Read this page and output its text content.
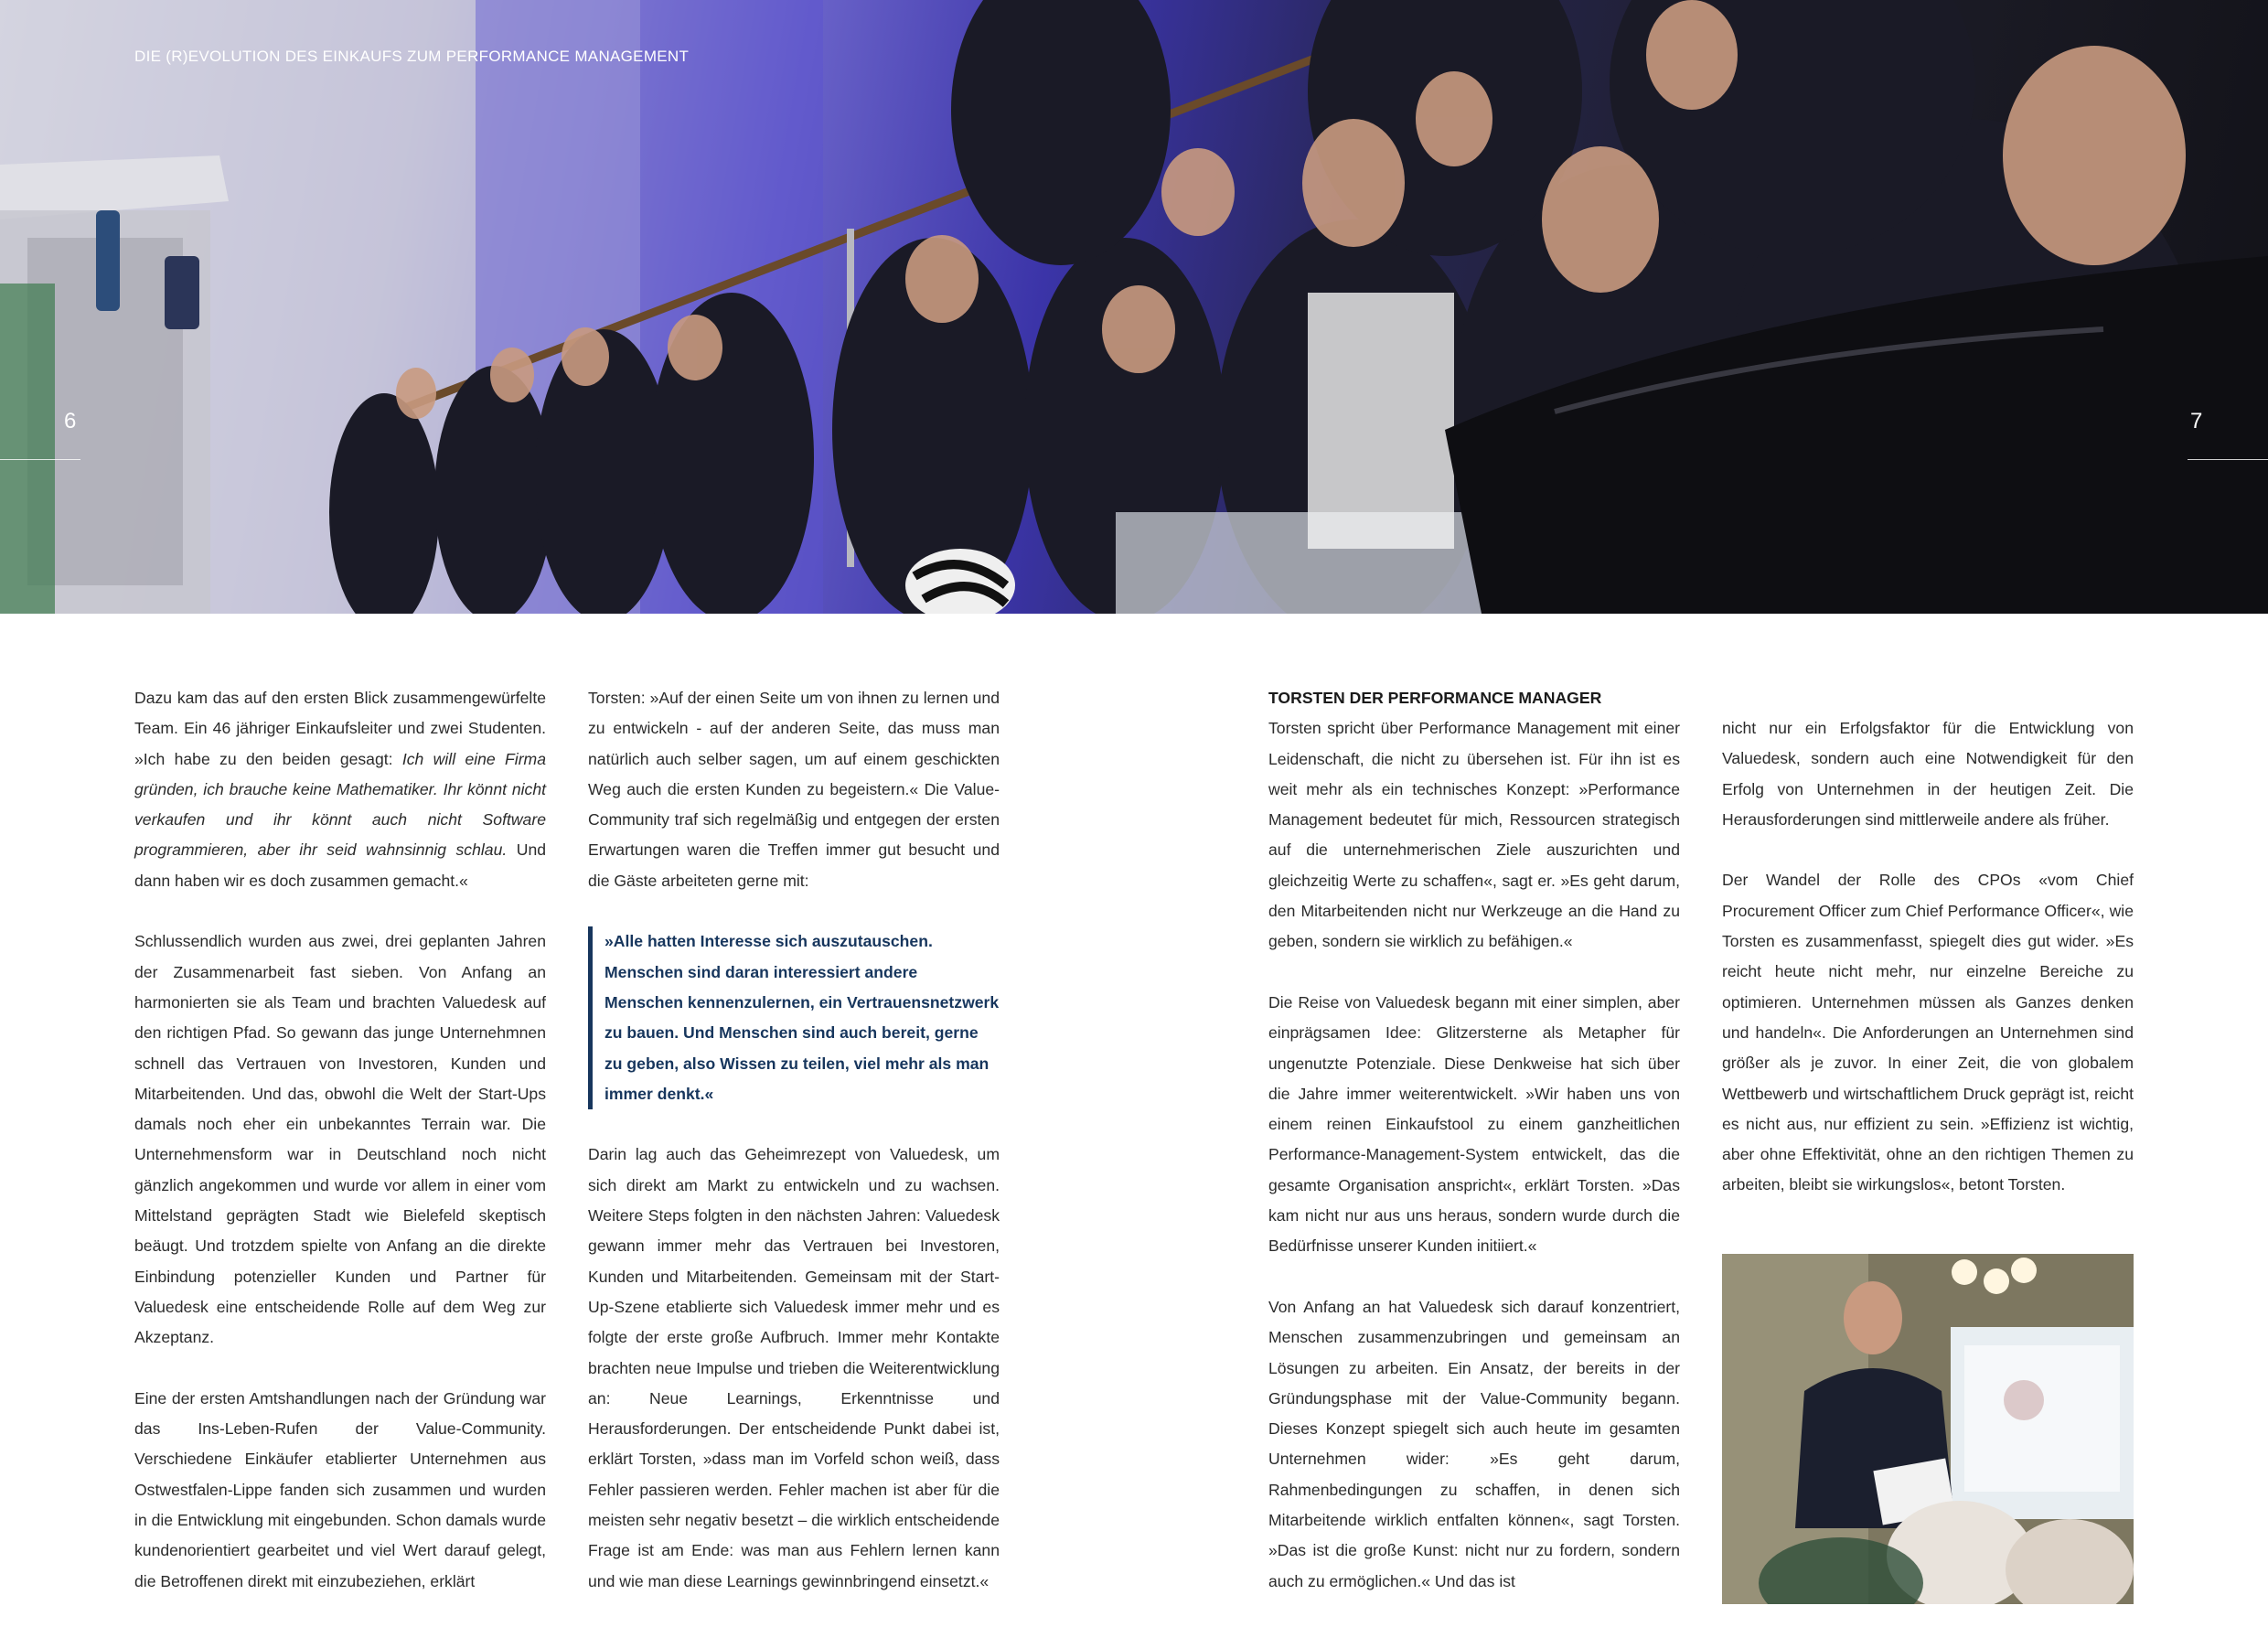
DIE (R)EVOLUTION DES EINKAUFS ZUM PERFORMANCE MANAGEMENT
6	7

Dazu kam das auf den ersten Blick zusammengewürfelte Team. Ein 46 jähriger Einkaufsleiter und zwei Studenten. »Ich habe zu den beiden gesagt: Ich will eine Firma gründen, ich brauche keine Mathematiker. Ihr könnt nicht verkaufen und ihr könnt auch nicht Software programmieren, aber ihr seid wahnsinnig schlau. Und dann haben wir es doch zusammen gemacht.«

Schlussendlich wurden aus zwei, drei geplanten Jahren der Zusammenarbeit fast sieben. Von Anfang an harmonierten sie als Team und brachten Valuedesk auf den richtigen Pfad. So gewann das junge Unternehmnen schnell das Vertrauen von Investoren, Kunden und Mitarbeitenden. Und das, obwohl die Welt der Start-Ups damals noch eher ein unbekanntes Terrain war. Die Unternehmensform war in Deutschland noch nicht gänzlich angekommen und wurde vor allem in einer vom Mittelstand geprägten Stadt wie Bielefeld skeptisch beäugt. Und trotzdem spielte von Anfang an die direkte Einbindung potenzieller Kunden und Partner für Valuedesk eine entscheidende Rolle auf dem Weg zur Akzeptanz.

Eine der ersten Amtshandlungen nach der Gründung war das Ins-Leben-Rufen der Value-Community. Verschiedene Einkäufer etablierter Unternehmen aus Ostwestfalen-Lippe fanden sich zusammen und wurden in die Entwicklung mit eingebunden. Schon damals wurde kundenorientiert gearbeitet und viel Wert darauf gelegt, die Betroffenen direkt mit einzubeziehen, erklärt

Torsten: »Auf der einen Seite um von ihnen zu lernen und zu entwickeln - auf der anderen Seite, das muss man natürlich auch selber sagen, um auf einem geschickten Weg auch die ersten Kunden zu begeistern.« Die Value-Community traf sich regelmäßig und entgegen der ersten Erwartungen waren die Treffen immer gut besucht und die Gäste arbeiteten gerne mit:

»Alle hatten Interesse sich auszutauschen. Menschen sind daran interessiert andere Menschen kennenzulernen, ein Vertrauensnetzwerk zu bauen. Und Menschen sind auch bereit, gerne zu geben, also Wissen zu teilen, viel mehr als man immer denkt.«

Darin lag auch das Geheimrezept von Valuedesk, um sich direkt am Markt zu entwickeln und zu wachsen. Weitere Steps folgten in den nächsten Jahren: Valuedesk gewann immer mehr das Vertrauen bei Investoren, Kunden und Mitarbeitenden. Gemeinsam mit der Start-Up-Szene etablierte sich Valuedesk immer mehr und es folgte der erste große Aufbruch. Immer mehr Kontakte brachten neue Impulse und trieben die Weiterentwicklung an: Neue Learnings, Erkenntnisse und Herausforderungen. Der entscheidende Punkt dabei ist, erklärt Torsten, »dass man im Vorfeld schon weiß, dass Fehler passieren werden. Fehler machen ist aber für die meisten sehr negativ besetzt – die wirklich entscheidende Frage ist am Ende: was man aus Fehlern lernen kann und wie man diese Learnings gewinnbringend einsetzt.«

TORSTEN DER PERFORMANCE MANAGER

Torsten spricht über Performance Management mit einer Leidenschaft, die nicht zu übersehen ist. Für ihn ist es weit mehr als ein technisches Konzept: »Performance Management bedeutet für mich, Ressourcen strategisch auf die unternehmerischen Ziele auszurichten und gleichzeitig Werte zu schaffen«, sagt er. »Es geht darum, den Mitarbeitenden nicht nur Werkzeuge an die Hand zu geben, sondern sie wirklich zu befähigen.«

Die Reise von Valuedesk begann mit einer simplen, aber einprägsamen Idee: Glitzersterne als Metapher für ungenutzte Potenziale. Diese Denkweise hat sich über die Jahre immer weiterentwickelt. »Wir haben uns von einem reinen Einkaufstool zu einem ganzheitlichen Performance-Management-System entwickelt, das die gesamte Organisation anspricht«, erklärt Torsten. »Das kam nicht nur aus uns heraus, sondern wurde durch die Bedürfnisse unserer Kunden initiiert.«

Von Anfang an hat Valuedesk sich darauf konzentriert, Menschen zusammenzubringen und gemeinsam an Lösungen zu arbeiten. Ein Ansatz, der bereits in der Gründungsphase mit der Value-Community begann. Dieses Konzept spiegelt sich auch heute im gesamten Unternehmen wider: »Es geht darum, Rahmenbedingungen zu schaffen, in denen sich Mitarbeitende wirklich entfalten können«, sagt Torsten. »Das ist die große Kunst: nicht nur zu fordern, sondern auch zu ermöglichen.« Und das ist

nicht nur ein Erfolgsfaktor für die Entwicklung von Valuedesk, sondern auch eine Notwendigkeit für den Erfolg von Unternehmen in der heutigen Zeit. Die Herausforderungen sind mittlerweile andere als früher.

Der Wandel der Rolle des CPOs «vom Chief Procurement Officer zum Chief Performance Officer«, wie Torsten es zusammenfasst, spiegelt dies gut wider. »Es reicht heute nicht mehr, nur einzelne Bereiche zu optimieren. Unternehmen müssen als Ganzes denken und handeln«. Die Anforderungen an Unternehmen sind größer als je zuvor. In einer Zeit, die von globalem Wettbewerb und wirtschaftlichem Druck geprägt ist, reicht es nicht aus, nur effizient zu sein. »Effizienz ist wichtig, aber ohne Effektivität, ohne an den richtigen Themen zu arbeiten, bleibt sie wirkungslos«, betont Torsten.
